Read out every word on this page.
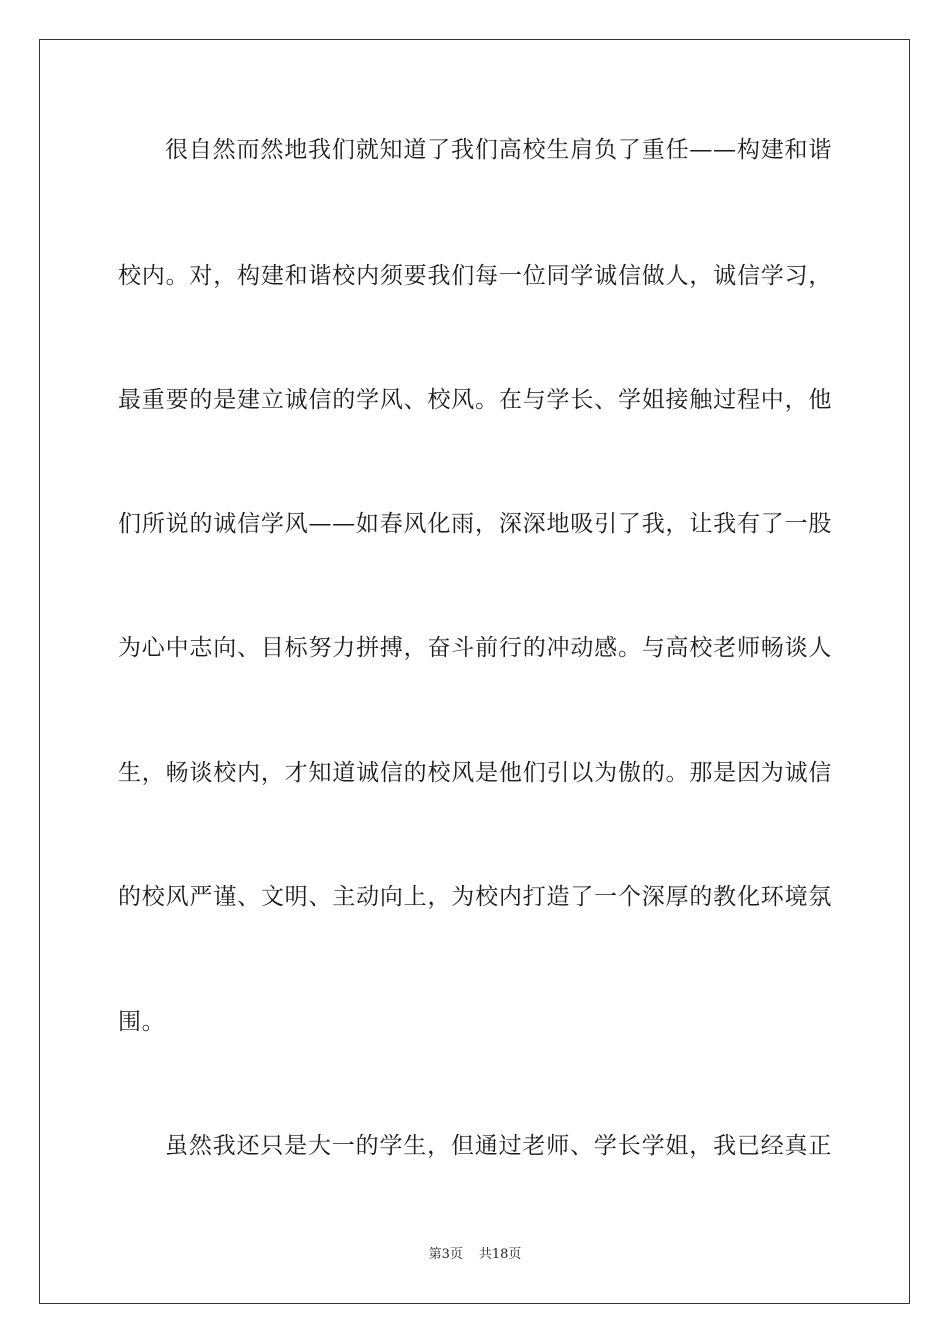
很自然而然地我们就知道了我们高校生肩负了重任——构建和谐
校内。对，构建和谐校内须要我们每一位同学诚信做人，诚信学习，
最重要的是建立诚信的学风、校风。在与学长、学姐接触过程中，他
们所说的诚信学风——如春风化雨，深深地吸引了我，让我有了一股
为心中志向、目标努力拼搏，奋斗前行的冲动感。与高校老师畅谈人
生，畅谈校内，才知道诚信的校风是他们引以为傲的。那是因为诚信
的校风严谨、文明、主动向上，为校内打造了一个深厚的教化环境氛
围。
虽然我还只是大一的学生，但通过老师、学长学姐，我已经真正
第3页 共18页
